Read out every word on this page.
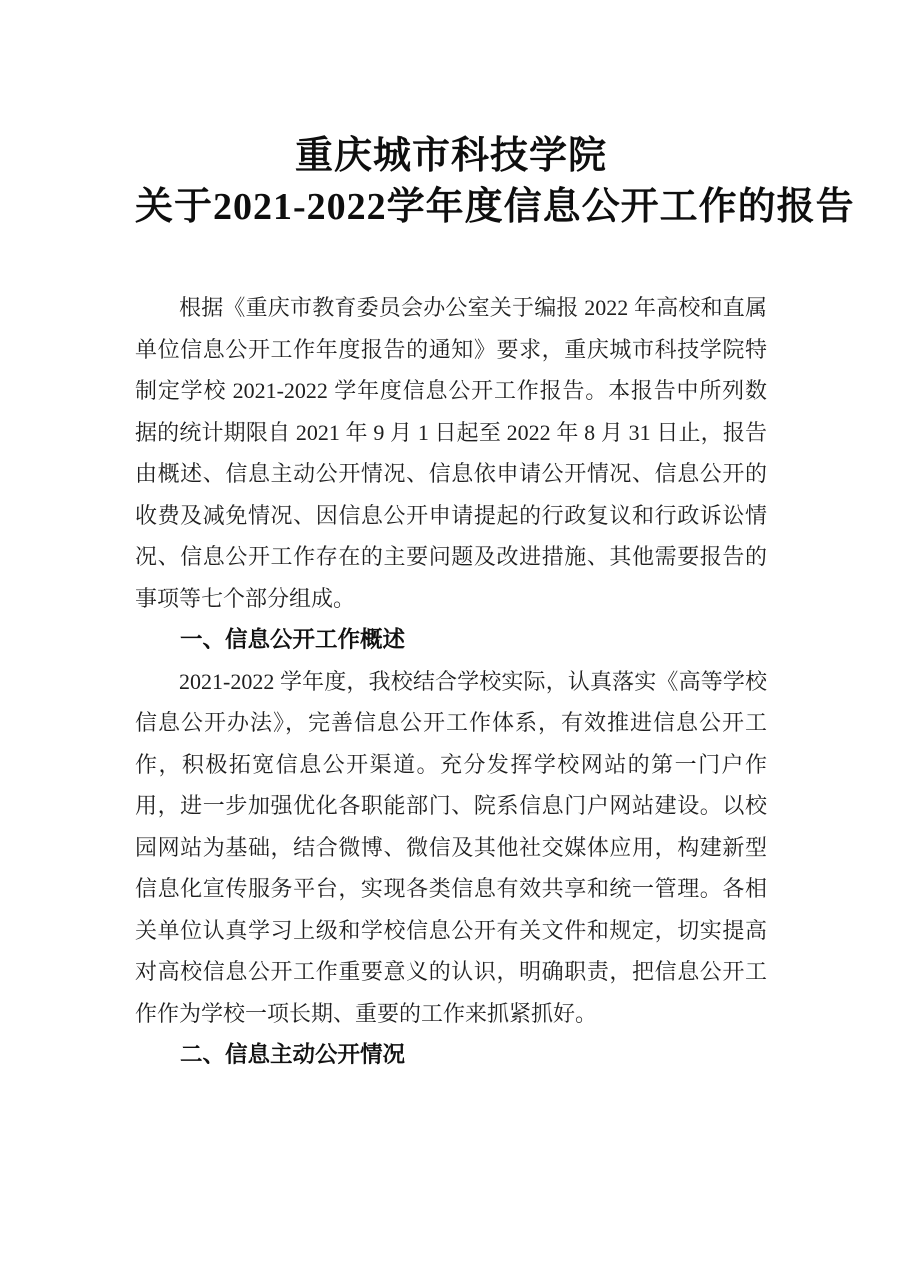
重庆城市科技学院
关于2021-2022学年度信息公开工作的报告

根据《重庆市教育委员会办公室关于编报 2022 年高校和直属单位信息公开工作年度报告的通知》要求，重庆城市科技学院特制定学校 2021-2022 学年度信息公开工作报告。本报告中所列数据的统计期限自 2021 年 9 月 1 日起至 2022 年 8 月 31 日止，报告由概述、信息主动公开情况、信息依申请公开情况、信息公开的收费及减免情况、因信息公开申请提起的行政复议和行政诉讼情况、信息公开工作存在的主要问题及改进措施、其他需要报告的事项等七个部分组成。

一、信息公开工作概述

2021-2022 学年度，我校结合学校实际，认真落实《高等学校信息公开办法》，完善信息公开工作体系，有效推进信息公开工作，积极拓宽信息公开渠道。充分发挥学校网站的第一门户作用，进一步加强优化各职能部门、院系信息门户网站建设。以校园网站为基础，结合微博、微信及其他社交媒体应用，构建新型信息化宣传服务平台，实现各类信息有效共享和统一管理。各相关单位认真学习上级和学校信息公开有关文件和规定，切实提高对高校信息公开工作重要意义的认识，明确职责，把信息公开工作作为学校一项长期、重要的工作来抓紧抓好。

二、信息主动公开情况
